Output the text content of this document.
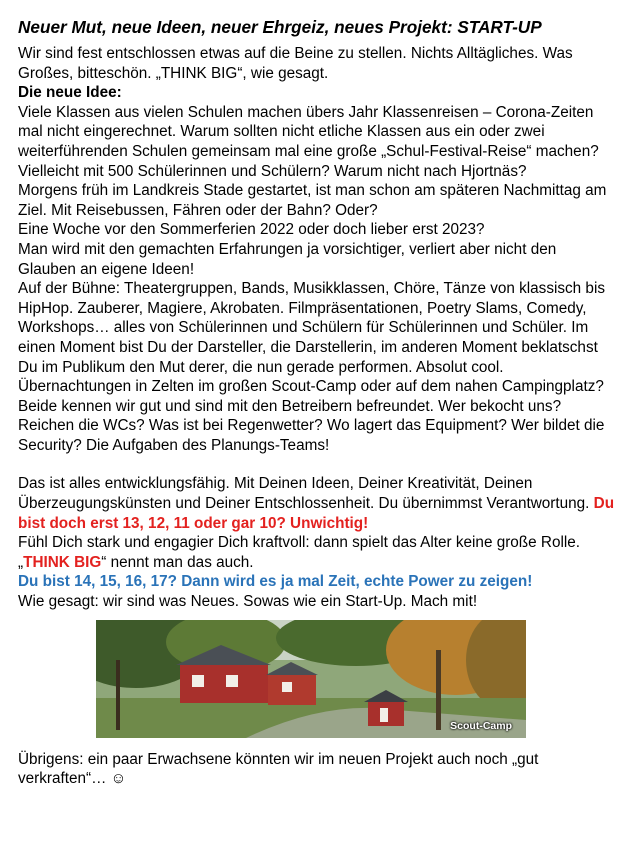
Neuer Mut, neue Ideen, neuer Ehrgeiz, neues Projekt: START-UP

Wir sind fest entschlossen etwas auf die Beine zu stellen. Nichts Alltägliches. Was Großes, bitteschön. „THINK BIG“, wie gesagt.

Die neue Idee:

Viele Klassen aus vielen Schulen machen übers Jahr Klassenreisen – Corona-Zeiten mal nicht eingerechnet. Warum sollten nicht etliche Klassen aus ein oder zwei weiterführenden Schulen gemeinsam mal eine große „Schul-Festival-Reise“ machen?

Vielleicht mit 500 Schülerinnen und Schülern? Warum nicht nach Hjortnäs?

Morgens früh im Landkreis Stade gestartet, ist man schon am späteren Nachmittag am Ziel. Mit Reisebussen, Fähren oder der Bahn? Oder?

Eine Woche vor den Sommerferien 2022 oder doch lieber erst 2023?

Man wird mit den gemachten Erfahrungen ja vorsichtiger, verliert aber nicht den Glauben an eigene Ideen!

Auf der Bühne: Theatergruppen, Bands, Musikklassen, Chöre, Tänze von klassisch bis HipHop. Zauberer, Magiere, Akrobaten. Filmpräsentationen, Poetry Slams, Comedy, Workshops… alles von Schülerinnen und Schülern für Schülerinnen und Schüler. Im einen Moment bist Du der Darsteller, die Darstellerin, im anderen Moment beklatschst Du im Publikum den Mut derer, die nun gerade performen. Absolut cool.

Übernachtungen in Zelten im großen Scout-Camp oder auf dem nahen Campingplatz? Beide kennen wir gut und sind mit den Betreibern befreundet. Wer bekocht uns? Reichen die WCs? Was ist bei Regenwetter? Wo lagert das Equipment? Wer bildet die Security? Die Aufgaben des Planungs-Teams!

Das ist alles entwicklungsfähig. Mit Deinen Ideen, Deiner Kreativität, Deinen Überzeugungskünsten und Deiner Entschlossenheit. Du übernimmst Verantwortung. Du bist doch erst 13, 12, 11 oder gar 10? Unwichtig!

Fühl Dich stark und engagier Dich kraftvoll: dann spielt das Alter keine große Rolle. „THINK BIG“ nennt man das auch.

Du bist 14, 15, 16, 17? Dann wird es ja mal Zeit, echte Power zu zeigen!

Wie gesagt: wir sind was Neues. Sowas wie ein Start-Up. Mach mit!

Scout-Camp

Übrigens: ein paar Erwachsene könnten wir im neuen Projekt auch noch „gut verkraften“… ☺
